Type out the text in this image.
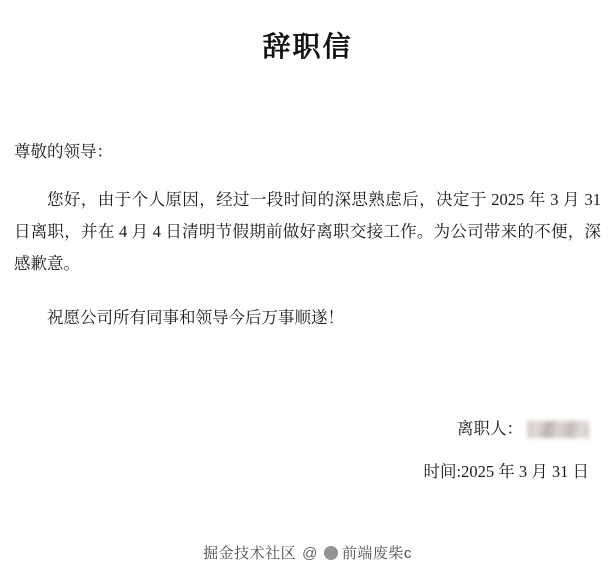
辞职信

尊敬的领导：

您好，由于个人原因，经过一段时间的深思熟虑后，决定于 2025 年 3 月 31 日离职，并在 4 月 4 日清明节假期前做好离职交接工作。为公司带来的不便，深感歉意。

祝愿公司所有同事和领导今后万事顺遂！

离职人：
时间:2025 年 3 月 31 日
掘金技术社区 @ 前端废柴c
